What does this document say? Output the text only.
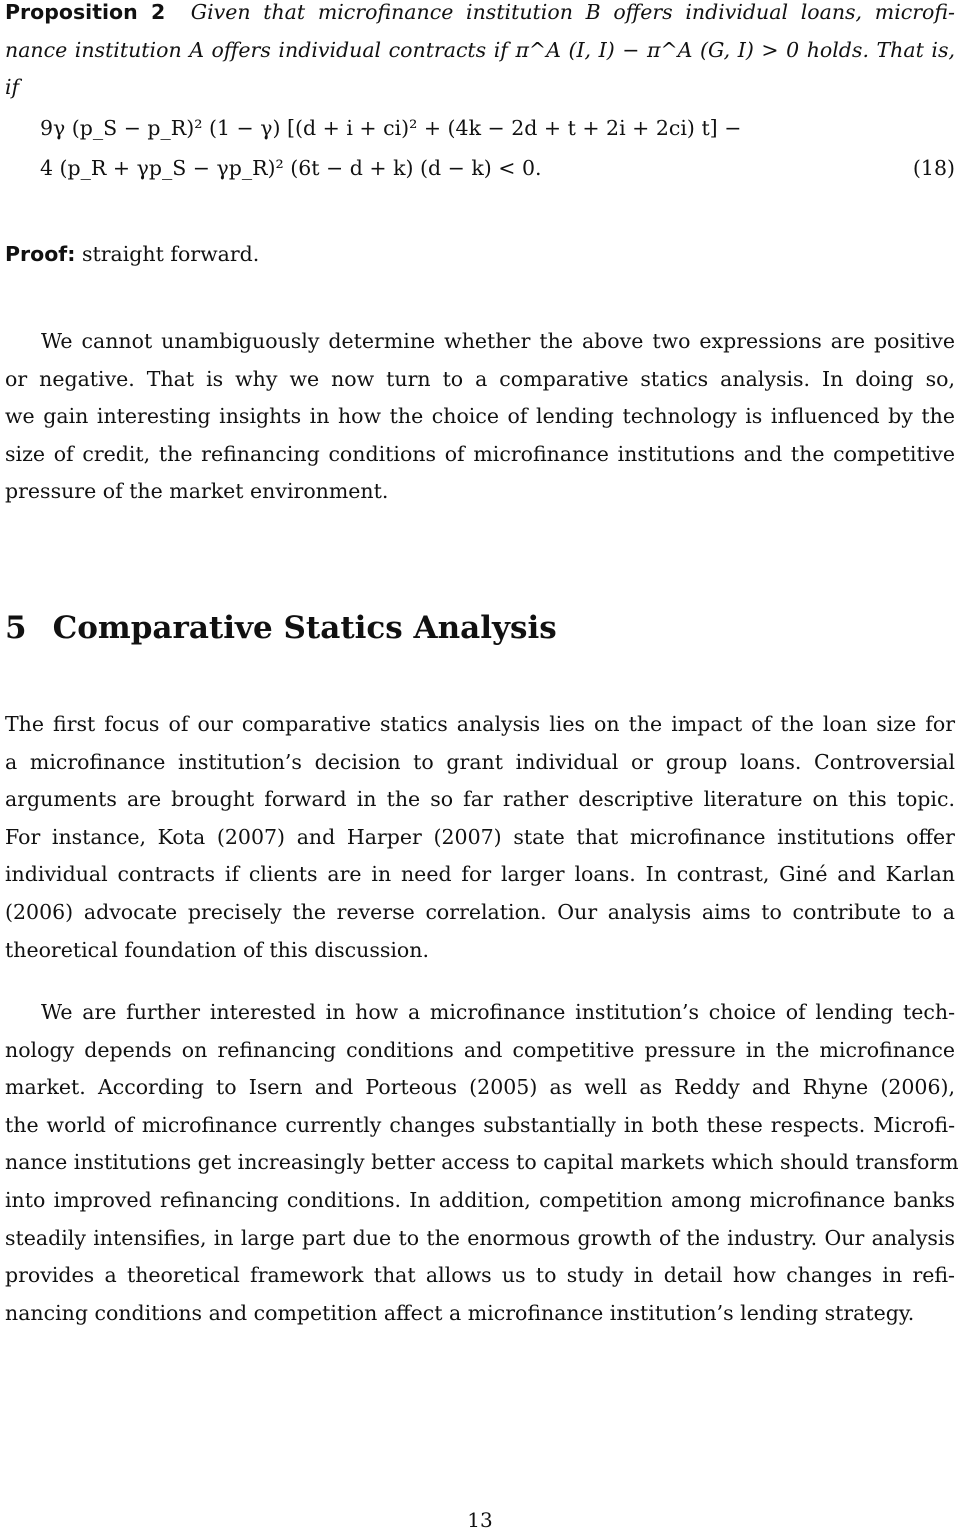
Proposition 2 Given that microfinance institution B offers individual loans, microfi-
nance institution A offers individual contracts if π^A (I, I) − π^A (G, I) > 0 holds. That is,
if
9γ (p_S − p_R)² (1 − γ) [(d + i + ci)² + (4k − 2d + t + 2i + 2ci) t] −
4 (p_R + γp_S − γp_R)² (6t − d + k) (d − k) < 0.	(18)
Proof: straight forward.
We cannot unambiguously determine whether the above two expressions are positive
or negative. That is why we now turn to a comparative statics analysis. In doing so,
we gain interesting insights in how the choice of lending technology is influenced by the
size of credit, the refinancing conditions of microfinance institutions and the competitive
pressure of the market environment.
5 Comparative Statics Analysis
The first focus of our comparative statics analysis lies on the impact of the loan size for
a microfinance institution’s decision to grant individual or group loans. Controversial
arguments are brought forward in the so far rather descriptive literature on this topic.
For instance, Kota (2007) and Harper (2007) state that microfinance institutions offer
individual contracts if clients are in need for larger loans. In contrast, Giné and Karlan
(2006) advocate precisely the reverse correlation. Our analysis aims to contribute to a
theoretical foundation of this discussion.
We are further interested in how a microfinance institution’s choice of lending tech-
nology depends on refinancing conditions and competitive pressure in the microfinance
market. According to Isern and Porteous (2005) as well as Reddy and Rhyne (2006),
the world of microfinance currently changes substantially in both these respects. Microfi-
nance institutions get increasingly better access to capital markets which should transform
into improved refinancing conditions. In addition, competition among microfinance banks
steadily intensifies, in large part due to the enormous growth of the industry. Our analysis
provides a theoretical framework that allows us to study in detail how changes in refi-
nancing conditions and competition affect a microfinance institution’s lending strategy.
13
